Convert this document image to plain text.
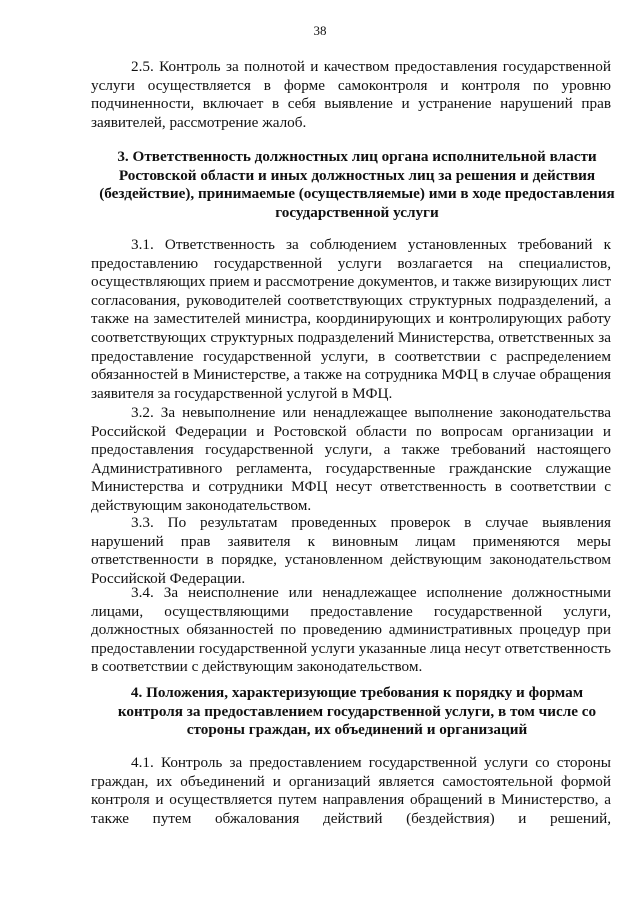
38

2.5. Контроль за полнотой и качеством предоставления государственной услуги осуществляется в форме самоконтроля и контроля по уровню подчиненности, включает в себя выявление и устранение нарушений прав заявителей, рассмотрение жалоб.

3. Ответственность должностных лиц органа исполнительной власти Ростовской области и иных должностных лиц за решения и действия (бездействие), принимаемые (осуществляемые) ими в ходе предоставления государственной услуги

3.1. Ответственность за соблюдением установленных требований к предоставлению государственной услуги возлагается на специалистов, осуществляющих прием и рассмотрение документов, и также визирующих лист согласования, руководителей соответствующих структурных подразделений, а также на заместителей министра, координирующих и контролирующих работу соответствующих структурных подразделений Министерства, ответственных за предоставление государственной услуги, в соответствии с распределением обязанностей в Министерстве, а также на сотрудника МФЦ в случае обращения заявителя за государственной услугой в МФЦ.

3.2. За невыполнение или ненадлежащее выполнение законодательства Российской Федерации и Ростовской области по вопросам организации и предоставления государственной услуги, а также требований настоящего Административного регламента, государственные гражданские служащие Министерства и сотрудники МФЦ несут ответственность в соответствии с действующим законодательством.

3.3. По результатам проведенных проверок в случае выявления нарушений прав заявителя к виновным лицам применяются меры ответственности в порядке, установленном действующим законодательством Российской Федерации.

3.4. За неисполнение или ненадлежащее исполнение должностными лицами, осуществляющими предоставление государственной услуги, должностных обязанностей по проведению административных процедур при предоставлении государственной услуги указанные лица несут ответственность в соответствии с действующим законодательством.

4. Положения, характеризующие требования к порядку и формам контроля за предоставлением государственной услуги, в том числе со стороны граждан, их объединений и организаций

4.1. Контроль за предоставлением государственной услуги со стороны граждан, их объединений и организаций является самостоятельной формой контроля и осуществляется путем направления обращений в Министерство, а также путем обжалования действий (бездействия) и решений,
